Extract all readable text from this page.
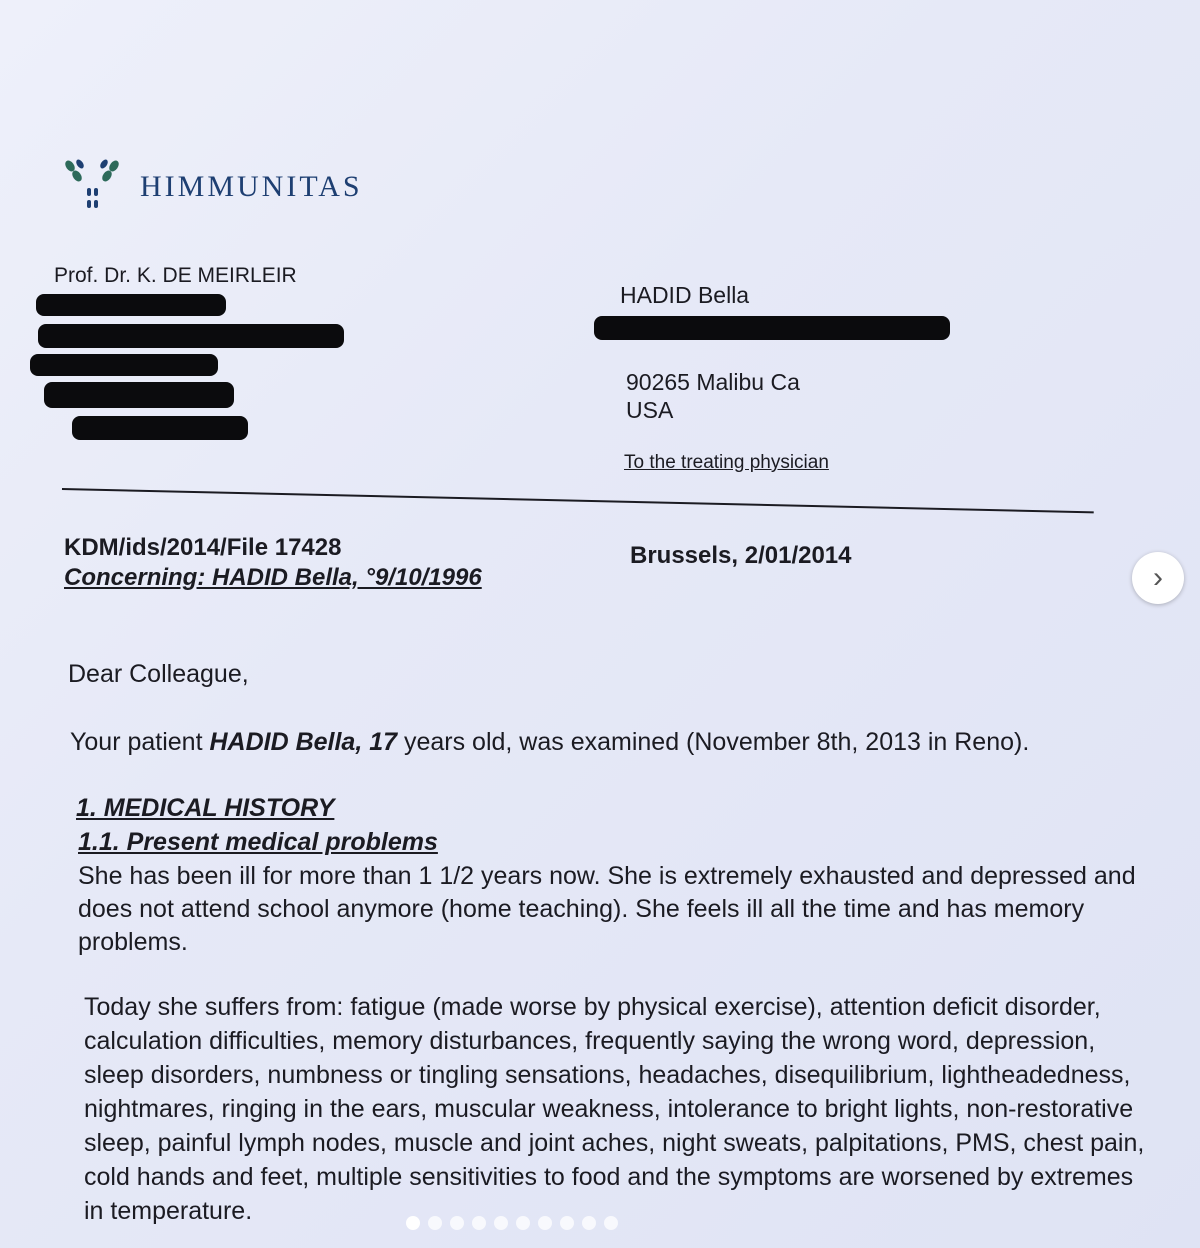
HIMMUNITAS
Prof. Dr. K. DE MEIRLEIR
HADID Bella
90265 Malibu Ca
USA
To the treating physician
KDM/ids/2014/File 17428
Concerning: HADID Bella, °9/10/1996
Brussels, 2/01/2014
Dear Colleague,
Your patient HADID Bella, 17 years old, was examined (November 8th, 2013 in Reno).
1. MEDICAL HISTORY
1.1. Present medical problems
She has been ill for more than 1 1/2 years now. She is extremely exhausted and depressed and does not attend school anymore (home teaching). She feels ill all the time and has memory problems.
Today she suffers from: fatigue (made worse by physical exercise), attention deficit disorder, calculation difficulties, memory disturbances, frequently saying the wrong word, depression, sleep disorders, numbness or tingling sensations, headaches, disequilibrium, lightheadedness, nightmares, ringing in the ears, muscular weakness, intolerance to bright lights, non-restorative sleep, painful lymph nodes, muscle and joint aches, night sweats, palpitations, PMS, chest pain, cold hands and feet, multiple sensitivities to food and the symptoms are worsened by extremes in temperature.
›
